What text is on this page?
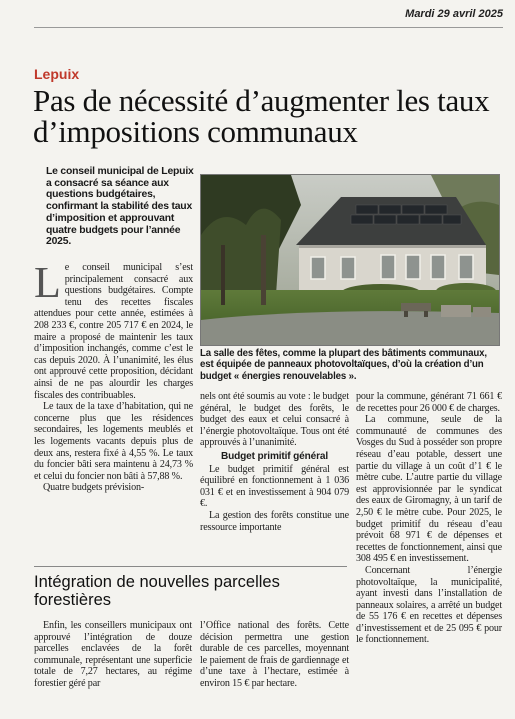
Mardi 29 avril 2025
Lepuix
Pas de nécessité d’augmenter les taux d’impositions communaux
Le conseil municipal de Lepuix a consacré sa séance aux questions budgétaires, confirmant la stabilité des taux d’imposition et approuvant quatre budgets pour l’année 2025.
La salle des fêtes, comme la plupart des bâtiments communaux, est équipée de panneaux photovoltaïques, d’où la création d’un budget « énergies renouvelables ».
L e conseil municipal s’est principalement consacré aux questions budgétaires. Compte tenu des recettes fiscales attendues pour cette année, estimées à 208 233 €, contre 205 717 € en 2024, le maire a proposé de maintenir les taux d’imposition inchangés, comme c’est le cas depuis 2020. À l’unanimité, les élus ont approuvé cette proposition, décidant ainsi de ne pas alourdir les charges fiscales des contribuables.

Le taux de la taxe d’habitation, qui ne concerne plus que les résidences secondaires, les logements meublés et les logements vacants depuis plus de deux ans, restera fixé à 4,55 %. Le taux du foncier bâti sera maintenu à 24,73 % et celui du foncier non bâti à 57,88 %.

Quatre budgets prévision-

nels ont été soumis au vote : le budget général, le budget des forêts, le budget des eaux et celui consacré à l’énergie photovoltaïque. Tous ont été approuvés à l’unanimité.

Budget primitif général

Le budget primitif général est équilibré en fonctionnement à 1 036 031 € et en investissement à 904 079 €.

La gestion des forêts constitue une ressource importante

pour la commune, générant 71 661 € de recettes pour 26 000 € de charges.

La commune, seule de la communauté de communes des Vosges du Sud à posséder son propre réseau d’eau potable, dessert une partie du village à un coût d’1 € le mètre cube. L’autre partie du village est approvisionnée par le syndicat des eaux de Giromagny, à un tarif de 2,50 € le mètre cube. Pour 2025, le budget primitif du réseau d’eau prévoit 68 971 € de dépenses et recettes de fonctionnement, ainsi que 308 495 € en investissement.

Concernant l’énergie photovoltaïque, la municipalité, ayant investi dans l’installation de panneaux solaires, a arrêté un budget de 55 176 € en recettes et dépenses d’investissement et de 25 095 € pour le fonctionnement.

Intégration de nouvelles parcelles forestières

Enfin, les conseillers municipaux ont approuvé l’intégration de douze parcelles enclavées de la forêt communale, représentant une superficie totale de 7,27 hectares, au régime forestier géré par

l’Office national des forêts. Cette décision permettra une gestion durable de ces parcelles, moyennant le paiement de frais de gardiennage et d’une taxe à l’hectare, estimée à environ 15 € par hectare.
